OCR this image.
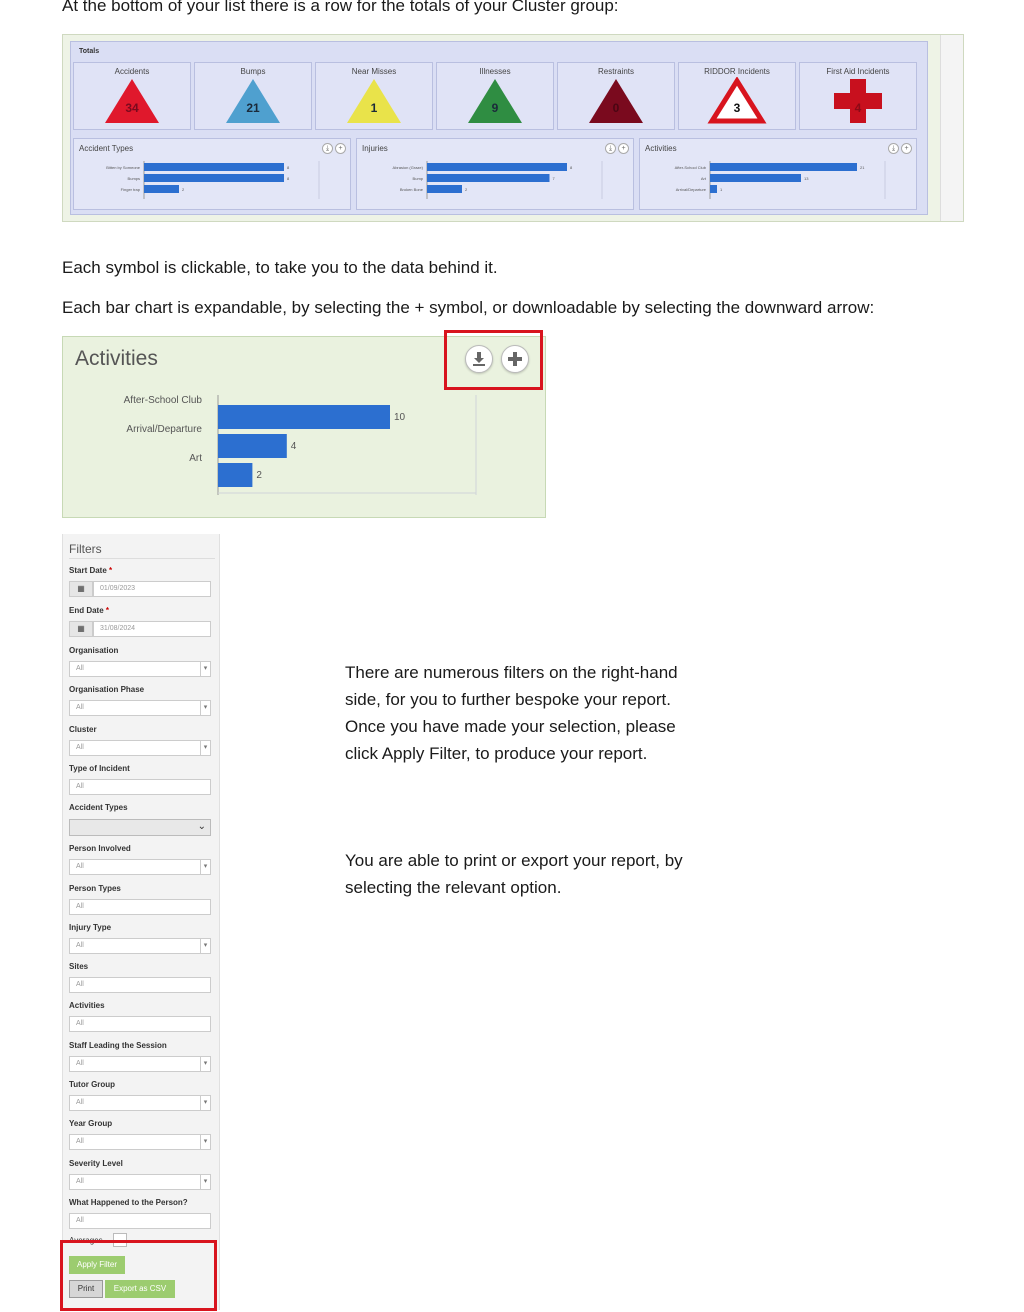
At the bottom of your list there is a row for the totals of your Cluster group:
Totals
Accidents
34
Bumps
21
Near Misses
1
Illnesses
9
Restraints
0
RIDDOR Incidents
3
First Aid Incidents
4
Accident Types	⤓ +
Bitten by Someone	8
Bumps	8
Finger trap	2
Injuries	⤓ +
Abrasion (Graze)	8
Bump	7
Broken Bone	2
Activities	⤓ +
After-School Club	21
Art	13
Arrival/Departure	1
Each symbol is clickable, to take you to the data behind it.
Each bar chart is expandable, by selecting the + symbol, or downloadable by selecting the downward arrow:
Activities
After-School Club
10
Arrival/Departure
4
Art
2
Filters
Start Date *
▦	01/09/2023
End Date *
▦	31/08/2024
Organisation
All ▾
Organisation Phase
All ▾
Cluster
All ▾
Type of Incident
All
Accident Types
⌄
Person Involved
All ▾
Person Types
All
Injury Type
All ▾
Sites
All
Activities
All
Staff Leading the Session
All ▾
Tutor Group
All ▾
Year Group
All ▾
Severity Level
All ▾
What Happened to the Person?
All
Averages
Apply Filter
Print	Export as CSV
There are numerous filters on the right-hand side, for you to further bespoke your report. Once you have made your selection, please click Apply Filter, to produce your report.
You are able to print or export your report, by selecting the relevant option.
